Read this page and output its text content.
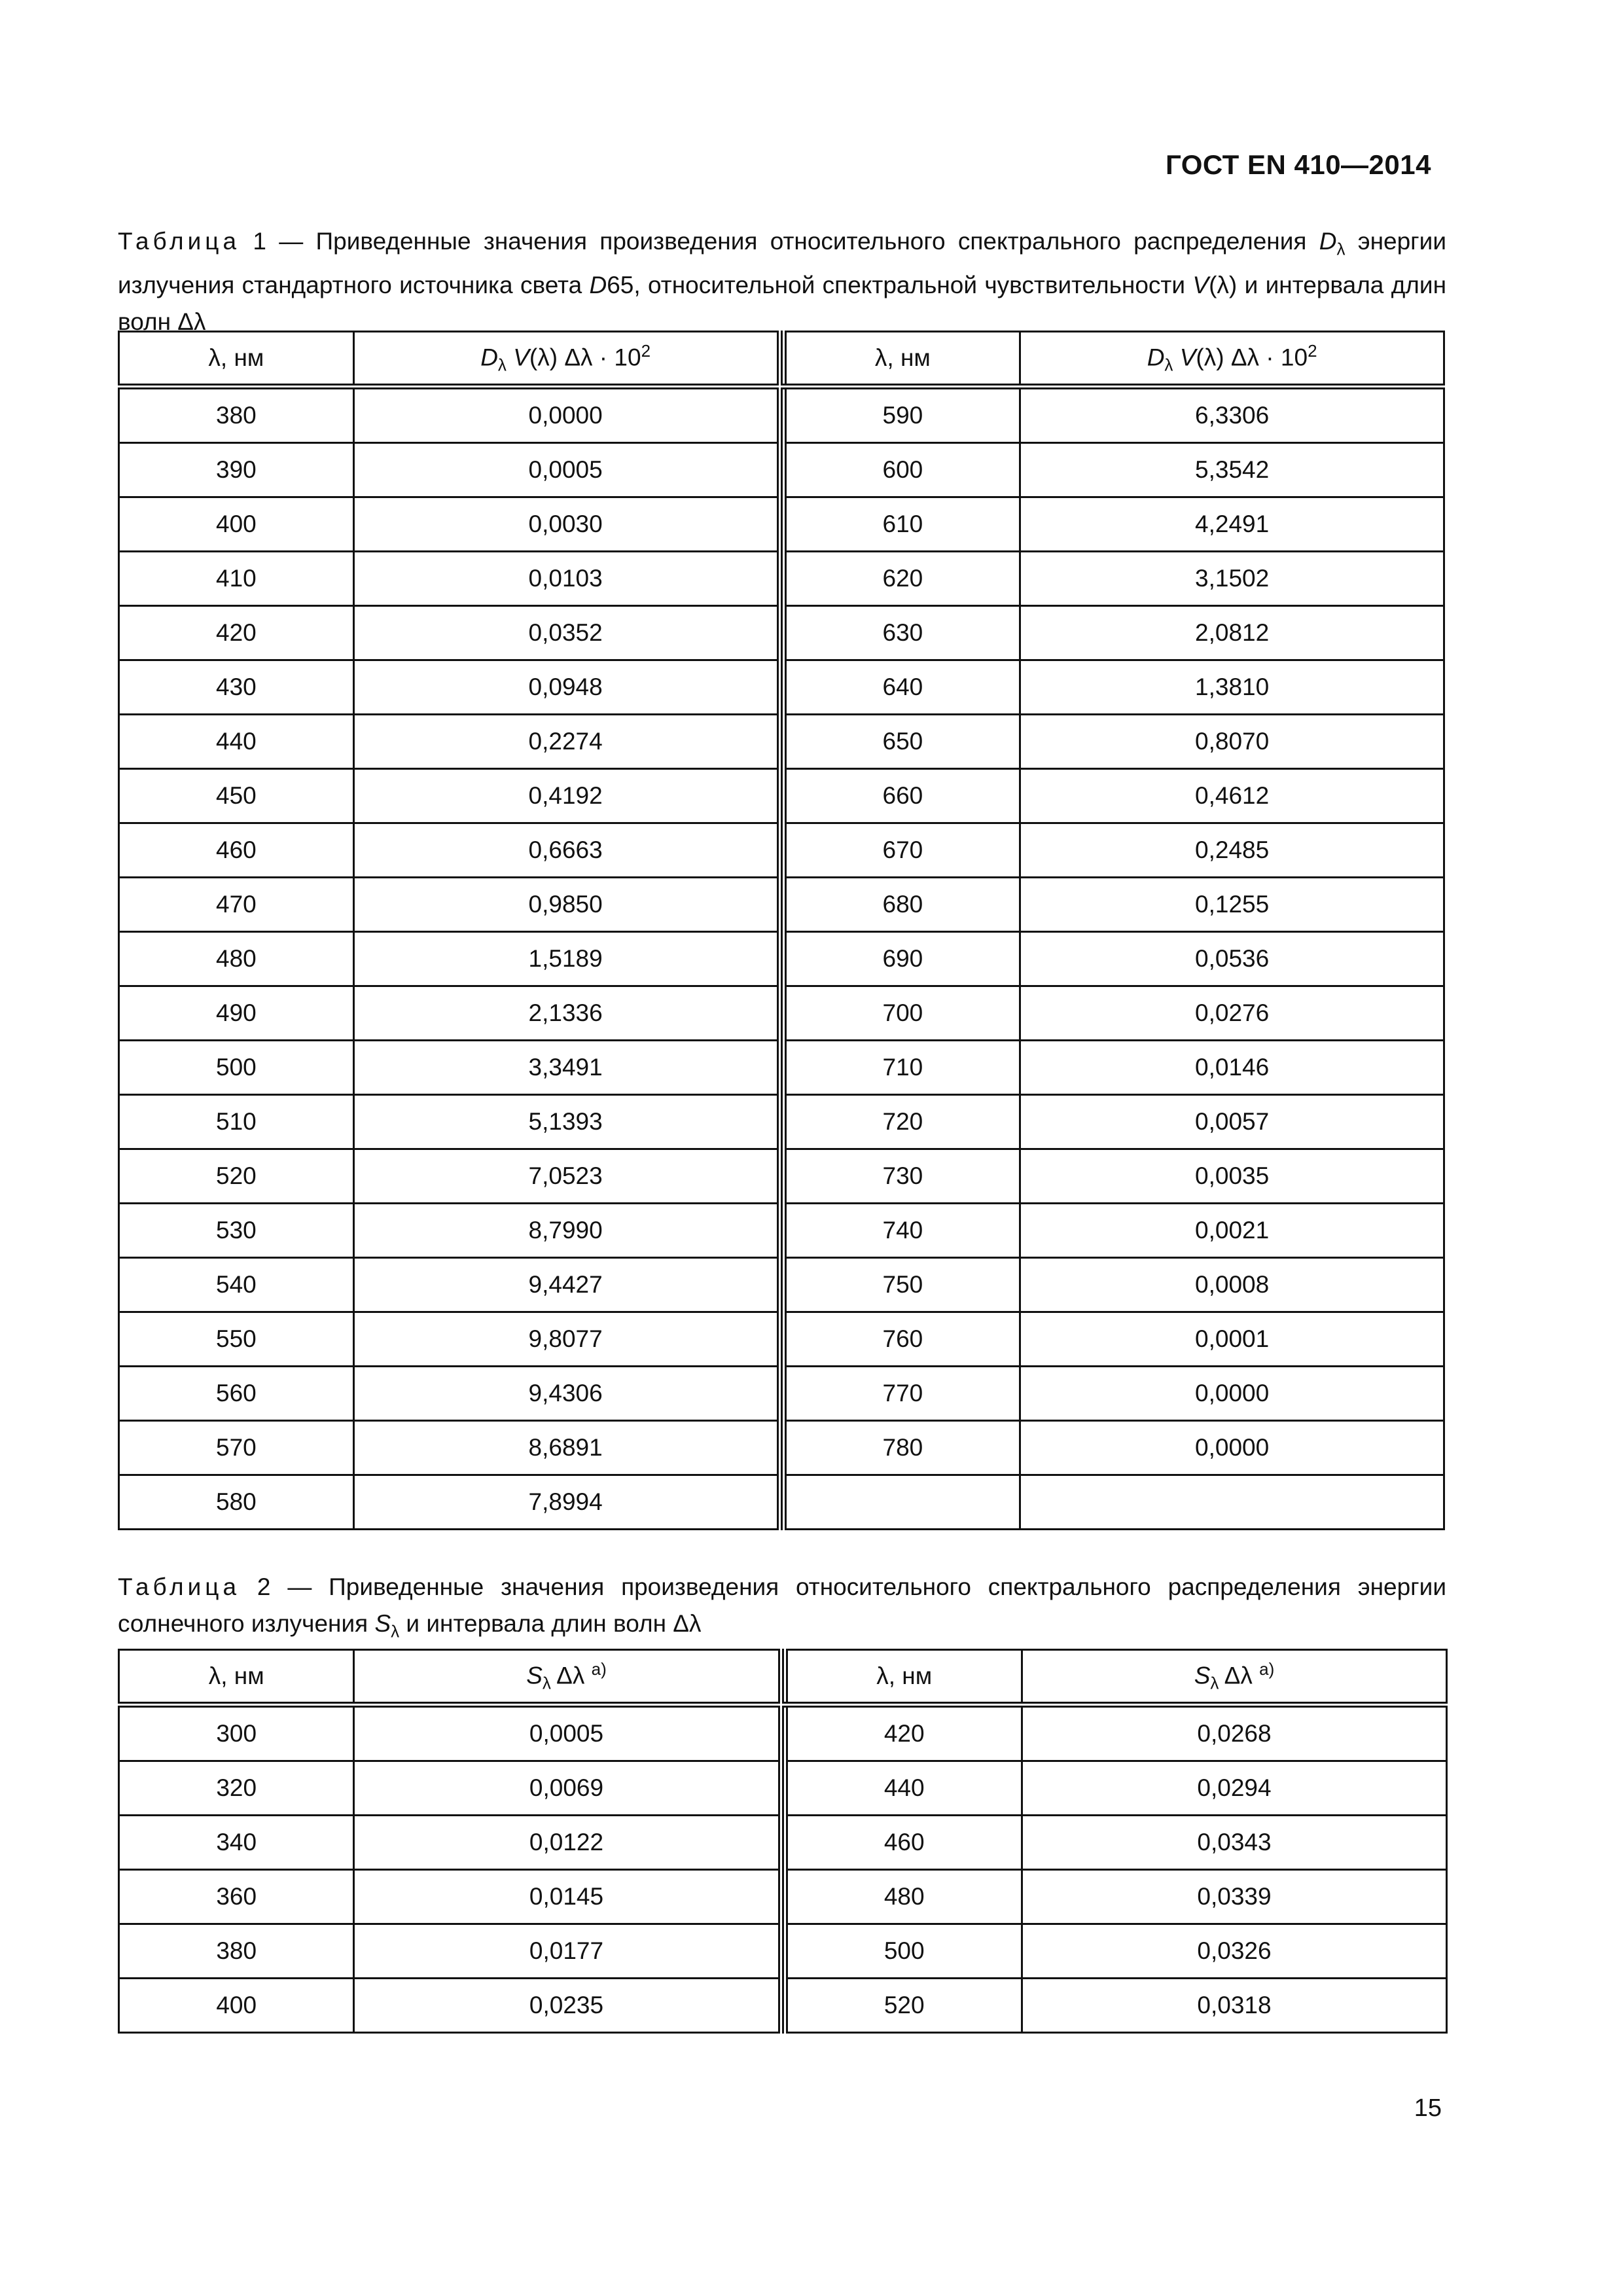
ГОСТ EN 410—2014
Таблица 1 — Приведенные значения произведения относительного спектрального распределения $D_\lambda$ энергии излучения стандартного источника света D65, относительной спектральной чувствительности V(λ) и интервала длин волн Δλ
λ, нм	$D_\lambda$ V(λ) $\Delta\lambda \cdot 10^2$
380	0,0000
390	0,0005
400	0,0030
410	0,0103
420	0,0352
430	0,0948
440	0,2274
450	0,4192
460	0,6663
470	0,9850
480	1,5189
490	2,1336
500	3,3491
510	5,1393
520	7,0523
530	8,7990
540	9,4427
550	9,8077
560	9,4306
570	8,6891
580	7,8994
λ, нм	$D_\lambda$ V(λ) $\Delta\lambda \cdot 10^2$
590	6,3306
600	5,3542
610	4,2491
620	3,1502
630	2,0812
640	1,3810
650	0,8070
660	0,4612
670	0,2485
680	0,1255
690	0,0536
700	0,0276
710	0,0146
720	0,0057
730	0,0035
740	0,0021
750	0,0008
760	0,0001
770	0,0000
780	0,0000

Таблица 2 — Приведенные значения произведения относительного спектрального распределения энергии солнечного излучения $S_\lambda$ и интервала длин волн Δλ
λ, нм	$S_\lambda$ Δλ $^{а)}$
300	0,0005
320	0,0069
340	0,0122
360	0,0145
380	0,0177
400	0,0235
λ, нм	$S_\lambda$ Δλ $^{а)}$
420	0,0268
440	0,0294
460	0,0343
480	0,0339
500	0,0326
520	0,0318
15
